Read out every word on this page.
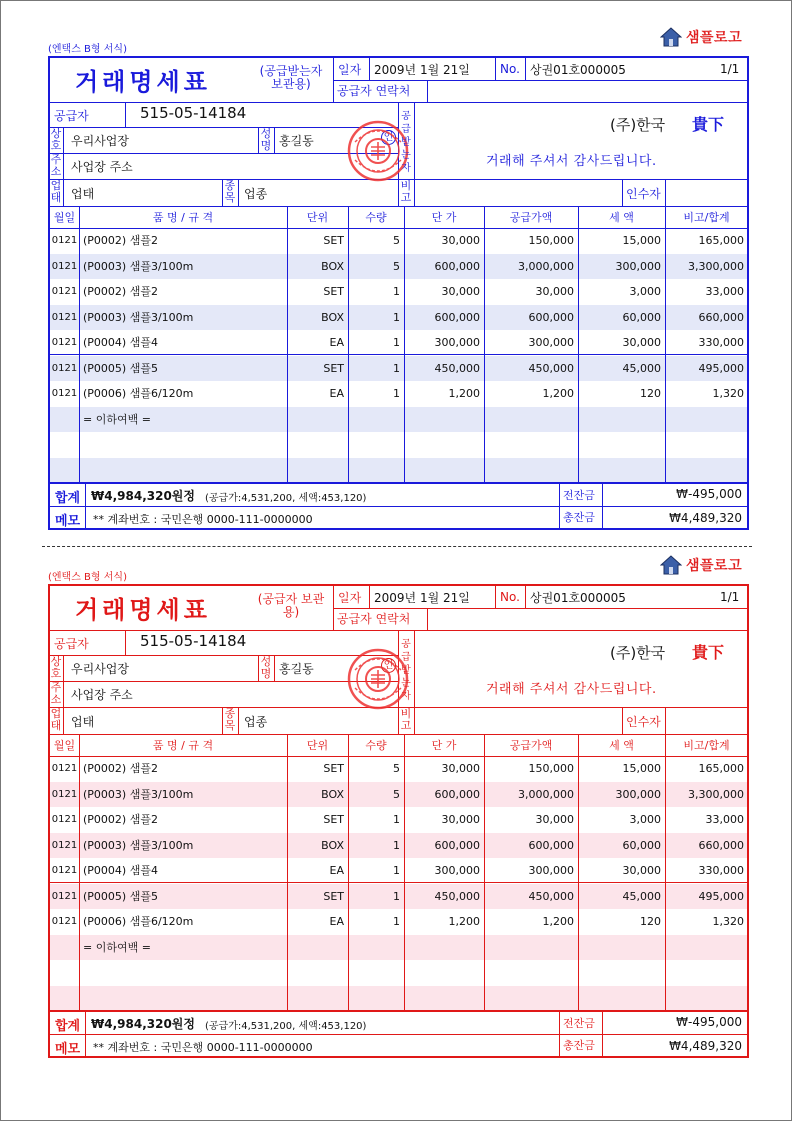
(엔택스 B형 서식)
샘플로고
거래명세표	(공급받는자 보관용)
일자 2009년 1월 21일	No. 상권01호000005	1/1
공급자 연락처
공급자	515-05-14184
상호 우리사업장
성명 홍길동	인
주소 사업장 주소
업태 업태
종목 업종
공급받는자
(주)한국 貴下
거래해 주셔서 감사드립니다.
비고	인수자
월일	품 명 / 규 격	단위	수량	단 가	공급가액	세 액	비고/합계
0121 (P0002) 샘플2	SET	5	30,000	150,000	15,000	165,000
0121 (P0003) 샘플3/100m	BOX	5	600,000	3,000,000	300,000	3,300,000
0121 (P0002) 샘플2	SET	1	30,000	30,000	3,000	33,000
0121 (P0003) 샘플3/100m	BOX	1	600,000	600,000	60,000	660,000
0121 (P0004) 샘플4	EA	1	300,000	300,000	30,000	330,000
0121 (P0005) 샘플5	SET	1	450,000	450,000	45,000	495,000
0121 (P0006) 샘플6/120m	EA	1	1,200	1,200	120	1,320
= 이하여백 =
합계 ₩4,984,320원정 (공급가:4,531,200, 세액:453,120)	전잔금	₩-495,000
메모 ** 계좌번호 : 국민은행 0000-111-0000000	총잔금	₩4,489,320
(엔택스 B형 서식)
샘플로고
거래명세표	(공급자 보관용)
일자 2009년 1월 21일	No. 상권01호000005	1/1
공급자 연락처
공급자	515-05-14184
상호 우리사업장
성명 홍길동	인
주소 사업장 주소
업태 업태
종목 업종
공급받는자
(주)한국 貴下
거래해 주셔서 감사드립니다.
비고	인수자
월일	품 명 / 규 격	단위	수량	단 가	공급가액	세 액	비고/합계
0121 (P0002) 샘플2	SET	5	30,000	150,000	15,000	165,000
0121 (P0003) 샘플3/100m	BOX	5	600,000	3,000,000	300,000	3,300,000
0121 (P0002) 샘플2	SET	1	30,000	30,000	3,000	33,000
0121 (P0003) 샘플3/100m	BOX	1	600,000	600,000	60,000	660,000
0121 (P0004) 샘플4	EA	1	300,000	300,000	30,000	330,000
0121 (P0005) 샘플5	SET	1	450,000	450,000	45,000	495,000
0121 (P0006) 샘플6/120m	EA	1	1,200	1,200	120	1,320
= 이하여백 =
합계 ₩4,984,320원정 (공급가:4,531,200, 세액:453,120)	전잔금	₩-495,000
메모 ** 계좌번호 : 국민은행 0000-111-0000000	총잔금	₩4,489,320
